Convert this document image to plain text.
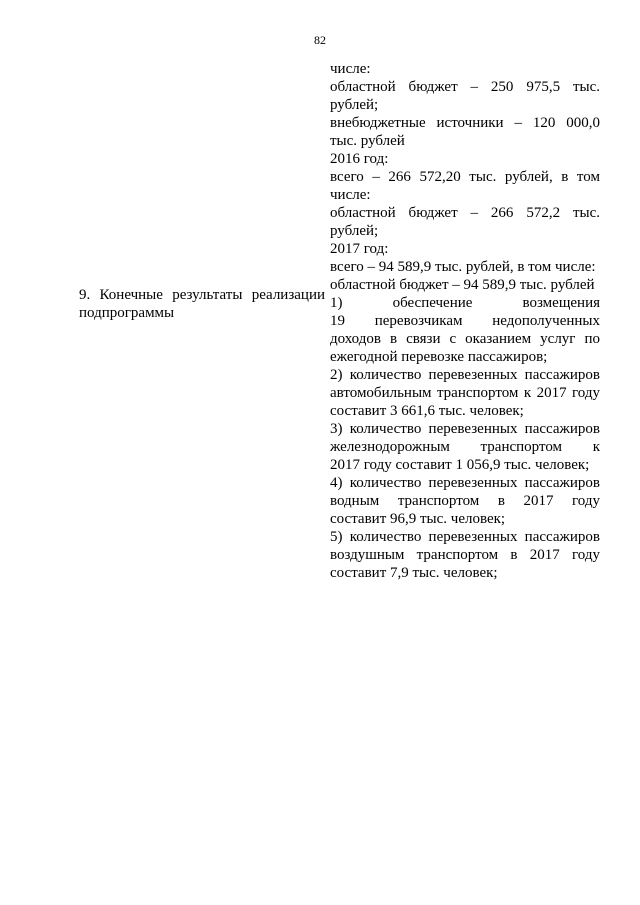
82
9. Конечные результаты реализации
подпрограммы
числе:
областной бюджет – 250 975,5 тыс.
рублей;
внебюджетные источники – 120 000,0
тыс. рублей
2016 год:
всего – 266 572,20 тыс. рублей, в том
числе:
областной бюджет – 266 572,2 тыс.
рублей;
2017 год:
всего – 94 589,9 тыс. рублей, в том числе:
областной бюджет – 94 589,9 тыс. рублей
1) обеспечение возмещения
19 перевозчикам недополученных
доходов в связи с оказанием услуг по
ежегодной перевозке пассажиров;
2) количество перевезенных пассажиров
автомобильным транспортом к 2017 году
составит 3 661,6 тыс. человек;
3) количество перевезенных пассажиров
железнодорожным транспортом к
2017 году составит 1 056,9 тыс. человек;
4) количество перевезенных пассажиров
водным транспортом в 2017 году
составит 96,9 тыс. человек;
5) количество перевезенных пассажиров
воздушным транспортом в 2017 году
составит 7,9 тыс. человек;
